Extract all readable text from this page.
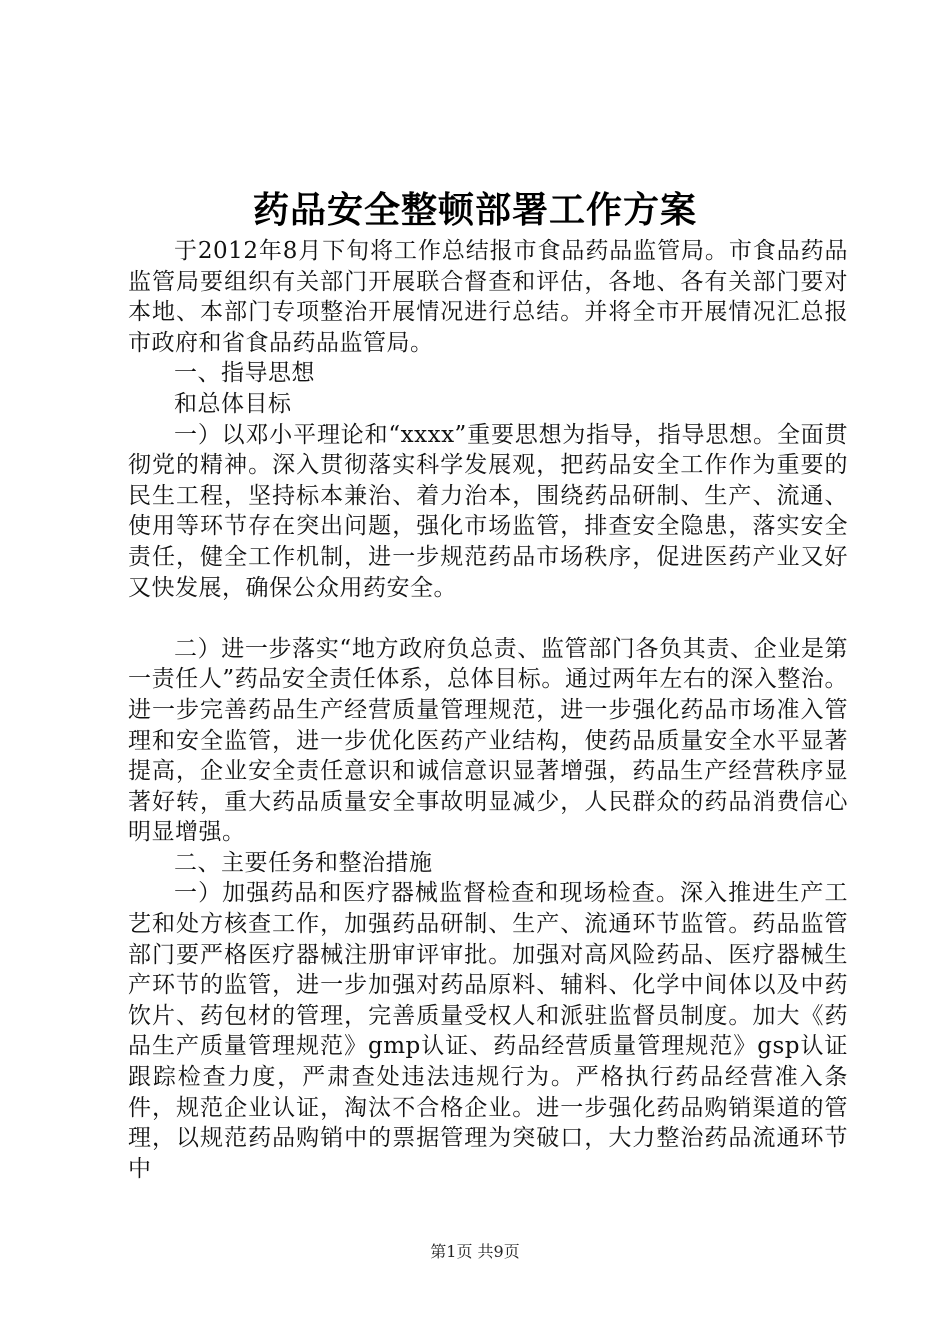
药品安全整顿部署工作方案

于2012年8月下旬将工作总结报市食品药品监管局。市食品药品监管局要组织有关部门开展联合督查和评估，各地、各有关部门要对本地、本部门专项整治开展情况进行总结。并将全市开展情况汇总报市政府和省食品药品监管局。

一、指导思想

和总体目标

一）以邓小平理论和“xxxx”重要思想为指导，指导思想。全面贯彻党的精神。深入贯彻落实科学发展观，把药品安全工作作为重要的民生工程，坚持标本兼治、着力治本，围绕药品研制、生产、流通、使用等环节存在突出问题，强化市场监管，排查安全隐患，落实安全责任，健全工作机制，进一步规范药品市场秩序，促进医药产业又好又快发展，确保公众用药安全。

二）进一步落实“地方政府负总责、监管部门各负其责、企业是第一责任人”药品安全责任体系，总体目标。通过两年左右的深入整治。进一步完善药品生产经营质量管理规范，进一步强化药品市场准入管理和安全监管，进一步优化医药产业结构，使药品质量安全水平显著提高，企业安全责任意识和诚信意识显著增强，药品生产经营秩序显著好转，重大药品质量安全事故明显减少，人民群众的药品消费信心明显增强。

二、主要任务和整治措施

一）加强药品和医疗器械监督检查和现场检查。深入推进生产工艺和处方核查工作，加强药品研制、生产、流通环节监管。药品监管部门要严格医疗器械注册审评审批。加强对高风险药品、医疗器械生产环节的监管，进一步加强对药品原料、辅料、化学中间体以及中药饮片、药包材的管理，完善质量受权人和派驻监督员制度。加大《药品生产质量管理规范》gmp认证、药品经营质量管理规范》gsp认证跟踪检查力度，严肃查处违法违规行为。严格执行药品经营准入条件，规范企业认证，淘汰不合格企业。进一步强化药品购销渠道的管理，以规范药品购销中的票据管理为突破口，大力整治药品流通环节中

第1页 共9页
